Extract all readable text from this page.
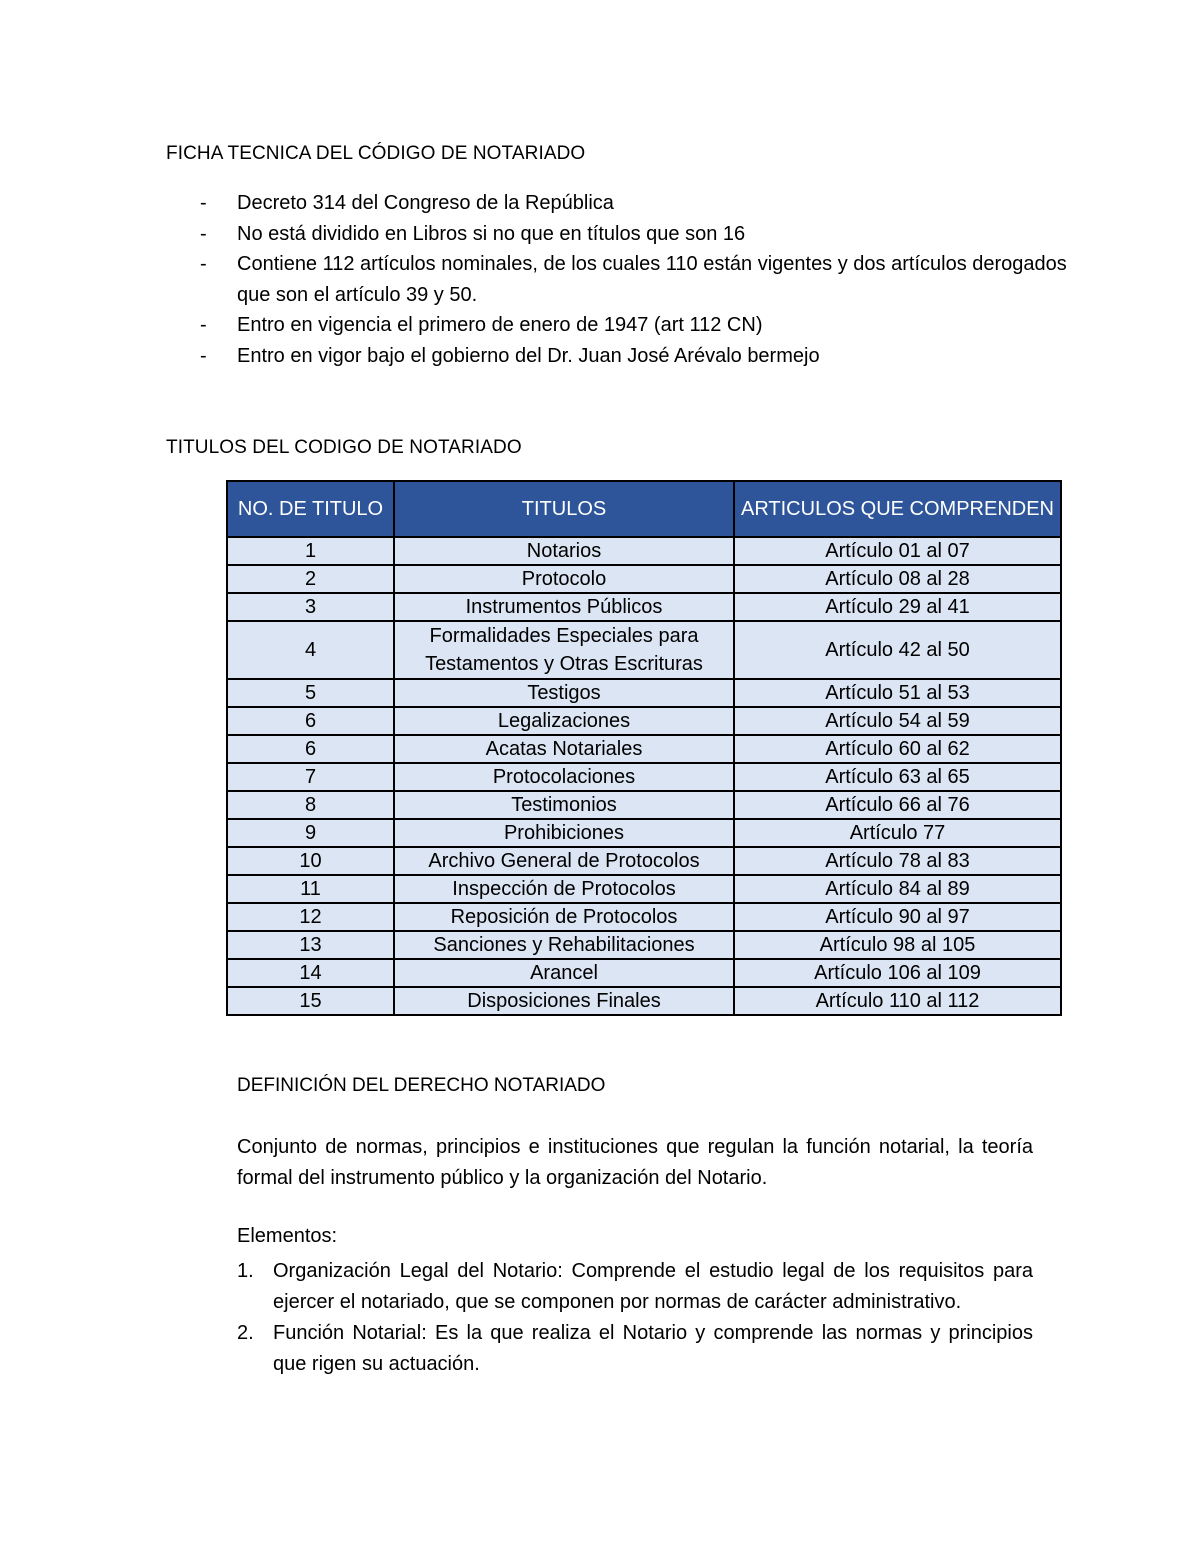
FICHA TECNICA DEL CÓDIGO DE NOTARIADO
- Decreto 314 del Congreso de la República
- No está dividido en Libros si no que en títulos que son 16
- Contiene 112 artículos nominales, de los cuales 110 están vigentes y dos artículos derogados que son el artículo 39 y 50.
- Entro en vigencia el primero de enero de 1947 (art 112 CN)
- Entro en vigor bajo el gobierno del Dr. Juan José Arévalo bermejo
TITULOS DEL CODIGO DE NOTARIADO
NO. DE TITULO	TITULOS	ARTICULOS QUE COMPRENDEN
1	Notarios	Artículo 01 al 07
2	Protocolo	Artículo 08 al 28
3	Instrumentos Públicos	Artículo 29 al 41
4	Formalidades Especiales para
Testamentos y Otras Escrituras	Artículo 42 al 50
5	Testigos	Artículo 51 al 53
6	Legalizaciones	Artículo 54 al 59
6	Acatas Notariales	Artículo 60 al 62
7	Protocolaciones	Artículo 63 al 65
8	Testimonios	Artículo 66 al 76
9	Prohibiciones	Artículo 77
10	Archivo General de Protocolos	Artículo 78 al 83
11	Inspección de Protocolos	Artículo 84 al 89
12	Reposición de Protocolos	Artículo 90 al 97
13	Sanciones y Rehabilitaciones	Artículo 98 al 105
14	Arancel	Artículo 106 al 109
15	Disposiciones Finales	Artículo 110 al 112
DEFINICIÓN DEL DERECHO NOTARIADO

Conjunto de normas, principios e instituciones que regulan la función notarial, la teoría formal del instrumento público y la organización del Notario.

Elementos:
1. Organización Legal del Notario: Comprende el estudio legal de los requisitos para ejercer el notariado, que se componen por normas de carácter administrativo.
2. Función Notarial: Es la que realiza el Notario y comprende las normas y principios que rigen su actuación.
